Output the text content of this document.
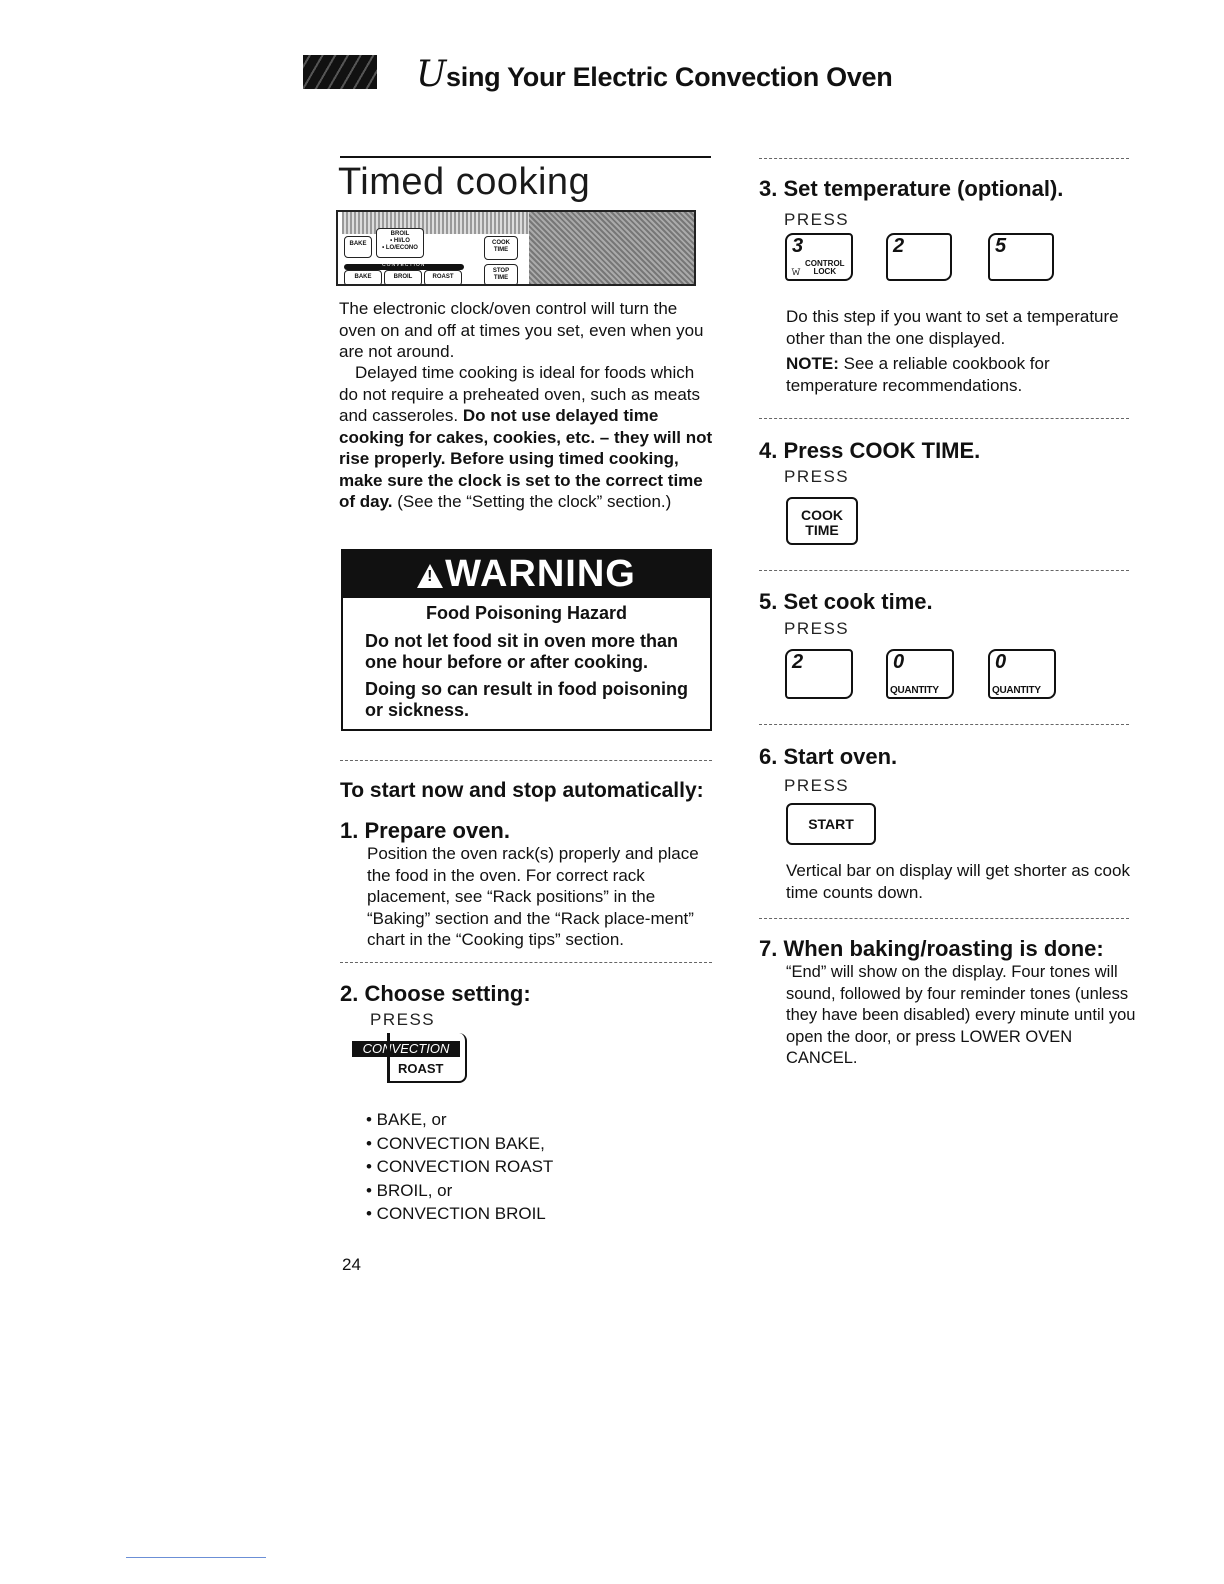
Using Your Electric Convection Oven
Timed cooking
BAKE
BROIL
• HI/LO
• LO/ECONO
COOK
TIME
CONVECTION
BAKE	BROIL	ROAST
STOP
TIME
The electronic clock/oven control will turn the oven on and off at times you set, even when you are not around.
Delayed time cooking is ideal for foods which do not require a preheated oven, such as meats and casseroles. Do not use delayed time cooking for cakes, cookies, etc. – they will not rise properly. Before using timed cooking, make sure the clock is set to the correct time of day. (See the “Setting the clock” section.)
!WARNING
Food Poisoning Hazard
Do not let food sit in oven more than one hour before or after cooking.
Doing so can result in food poisoning or sickness.
To start now and stop automatically:
1. Prepare oven.
Position the oven rack(s) properly and place the food in the oven. For correct rack placement, see “Rack positions” in the “Baking” section and the “Rack place-ment” chart in the “Cooking tips” section.
2. Choose setting:
PRESS
CONVECTION
ROAST
• BAKE, or
• CONVECTION BAKE,
• CONVECTION ROAST
• BROIL, or
• CONVECTION BROIL
24
3. Set temperature (optional).
PRESS
3
𝚠 CONTROL
LOCK
2	5
Do this step if you want to set a temperature other than the one displayed.
NOTE: See a reliable cookbook for temperature recommendations.
4. Press COOK TIME.
PRESS
COOK
TIME
5. Set cook time.
PRESS
2	0
QUANTITY
0
QUANTITY
6. Start oven.
PRESS
START
Vertical bar on display will get shorter as cook time counts down.
7. When baking/roasting is done:
“End” will show on the display. Four tones will sound, followed by four reminder tones (unless they have been disabled) every minute until you open the door, or press LOWER OVEN CANCEL.
